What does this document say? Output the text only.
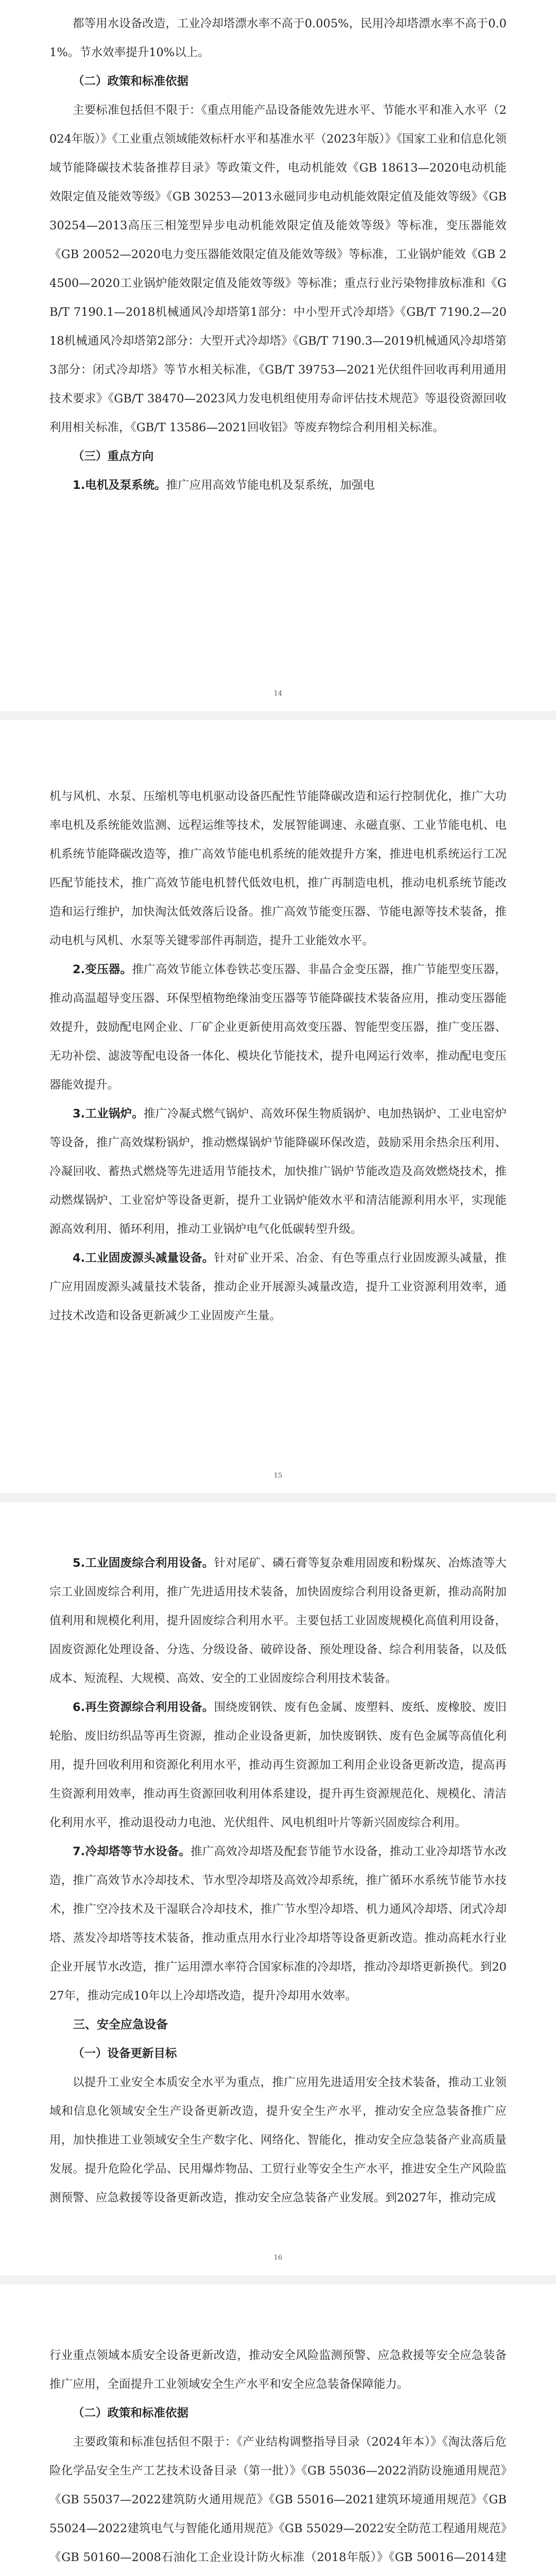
都等用水设备改造，工业冷却塔漂水率不高于0.005%，民用冷却塔漂水率不高于0.01%。节水效率提升10%以上。

（二）政策和标准依据

主要标准包括但不限于：《重点用能产品设备能效先进水平、节能水平和准入水平（2024年版）》《工业重点领域能效标杆水平和基准水平（2023年版）》《国家工业和信息化领域节能降碳技术装备推荐目录》等政策文件，电动机能效《GB 18613—2020电动机能效限定值及能效等级》《GB 30253—2013永磁同步电动机能效限定值及能效等级》《GB 30254—2013高压三相笼型异步电动机能效限定值及能效等级》等标准，变压器能效《GB 20052—2020电力变压器能效限定值及能效等级》等标准，工业锅炉能效《GB 24500—2020工业锅炉能效限定值及能效等级》等标准；重点行业污染物排放标准和《GB/T 7190.1—2018机械通风冷却塔第1部分：中小型开式冷却塔》《GB/T 7190.2—2018机械通风冷却塔第2部分：大型开式冷却塔》《GB/T 7190.3—2019机械通风冷却塔第3部分：闭式冷却塔》等节水相关标准，《GB/T 39753—2021光伏组件回收再利用通用技术要求》《GB/T 38470—2023风力发电机组使用寿命评估技术规范》等退役资源回收利用相关标准，《GB/T 13586—2021回收铝》等废弃物综合利用相关标准。

（三）重点方向

1.电机及泵系统。推广应用高效节能电机及泵系统，加强电

14

机与风机、水泵、压缩机等电机驱动设备匹配性节能降碳改造和运行控制优化，推广大功率电机及系统能效监测、远程运维等技术，发展智能调速、永磁直驱、工业节能电机、电机系统节能降碳改造等，推广高效节能电机系统的能效提升方案，推进电机系统运行工况匹配节能技术，推广高效节能电机替代低效电机，推广再制造电机，推动电机系统节能改造和运行维护，加快淘汰低效落后设备。推广高效节能变压器、节能电源等技术装备，推动电机与风机、水泵等关键零部件再制造，提升工业能效水平。

2.变压器。推广高效节能立体卷铁芯变压器、非晶合金变压器，推广节能型变压器，推动高温超导变压器、环保型植物绝缘油变压器等节能降碳技术装备应用，推动变压器能效提升，鼓励配电网企业、厂矿企业更新使用高效变压器、智能型变压器，推广变压器、无功补偿、滤波等配电设备一体化、模块化节能技术，提升电网运行效率，推动配电变压器能效提升。

3.工业锅炉。推广冷凝式燃气锅炉、高效环保生物质锅炉、电加热锅炉、工业电窑炉等设备，推广高效煤粉锅炉，推动燃煤锅炉节能降碳环保改造，鼓励采用余热余压利用、冷凝回收、蓄热式燃烧等先进适用节能技术，加快推广锅炉节能改造及高效燃烧技术，推动燃煤锅炉、工业窑炉等设备更新，提升工业锅炉能效水平和清洁能源利用水平，实现能源高效利用、循环利用，推动工业锅炉电气化低碳转型升级。

4.工业固废源头减量设备。针对矿业开采、冶金、有色等重点行业固废源头减量，推广应用固废源头减量技术装备，推动企业开展源头减量改造，提升工业资源利用效率，通过技术改造和设备更新减少工业固废产生量。

15

5.工业固废综合利用设备。针对尾矿、磷石膏等复杂难用固废和粉煤灰、冶炼渣等大宗工业固废综合利用，推广先进适用技术装备，加快固废综合利用设备更新，推动高附加值利用和规模化利用，提升固废综合利用水平。主要包括工业固废规模化高值利用设备，固废资源化处理设备、分选、分级设备、破碎设备、预处理设备、综合利用装备，以及低成本、短流程、大规模、高效、安全的工业固废综合利用技术装备。

6.再生资源综合利用设备。围绕废钢铁、废有色金属、废塑料、废纸、废橡胶、废旧轮胎、废旧纺织品等再生资源，推动企业设备更新，加快废钢铁、废有色金属等高值化利用，提升回收利用和资源化利用水平，推动再生资源加工利用企业设备更新改造，提高再生资源利用效率，推动再生资源回收利用体系建设，提升再生资源规范化、规模化、清洁化利用水平，推动退役动力电池、光伏组件、风电机组叶片等新兴固废综合利用。

7.冷却塔等节水设备。推广高效冷却塔及配套节能节水设备，推动工业冷却塔节水改造，推广高效节水冷却技术、节水型冷却塔及高效冷却系统，推广循环水系统节能节水技术，推广空冷技术及干湿联合冷却技术，推广节水型冷却塔、机力通风冷却塔、闭式冷却塔、蒸发冷却塔等技术装备，推动重点用水行业冷却塔等设备更新改造。推动高耗水行业企业开展节水改造，推广运用漂水率符合国家标准的冷却塔，推动冷却塔更新换代。到2027年，推动完成10年以上冷却塔改造，提升冷却用水效率。

三、安全应急设备
（一）设备更新目标

以提升工业安全本质安全水平为重点，推广应用先进适用安全技术装备，推动工业领域和信息化领域安全生产设备更新改造，提升安全生产水平，推动安全应急装备推广应用，加快推进工业领域安全生产数字化、网络化、智能化，推动安全应急装备产业高质量发展。提升危险化学品、民用爆炸物品、工贸行业等安全生产水平，推进安全生产风险监测预警、应急救援等设备更新改造，推动安全应急装备产业发展。到2027年，推动完成

16

行业重点领域本质安全设备更新改造，推动安全风险监测预警、应急救援等安全应急装备推广应用，全面提升工业领域安全生产水平和安全应急装备保障能力。

（二）政策和标准依据

主要政策和标准包括但不限于：《产业结构调整指导目录（2024年本）》《淘汰落后危险化学品安全生产工艺技术设备目录（第一批）》《GB 55036—2022消防设施通用规范》《GB 55037—2022建筑防火通用规范》《GB 55016—2021建筑环境通用规范》《GB 55024—2022建筑电气与智能化通用规范》《GB 55029—2022安全防范工程通用规范》《GB 50160—2008石油化工企业设计防火标准（2018年版）》《GB 50016—2014建
